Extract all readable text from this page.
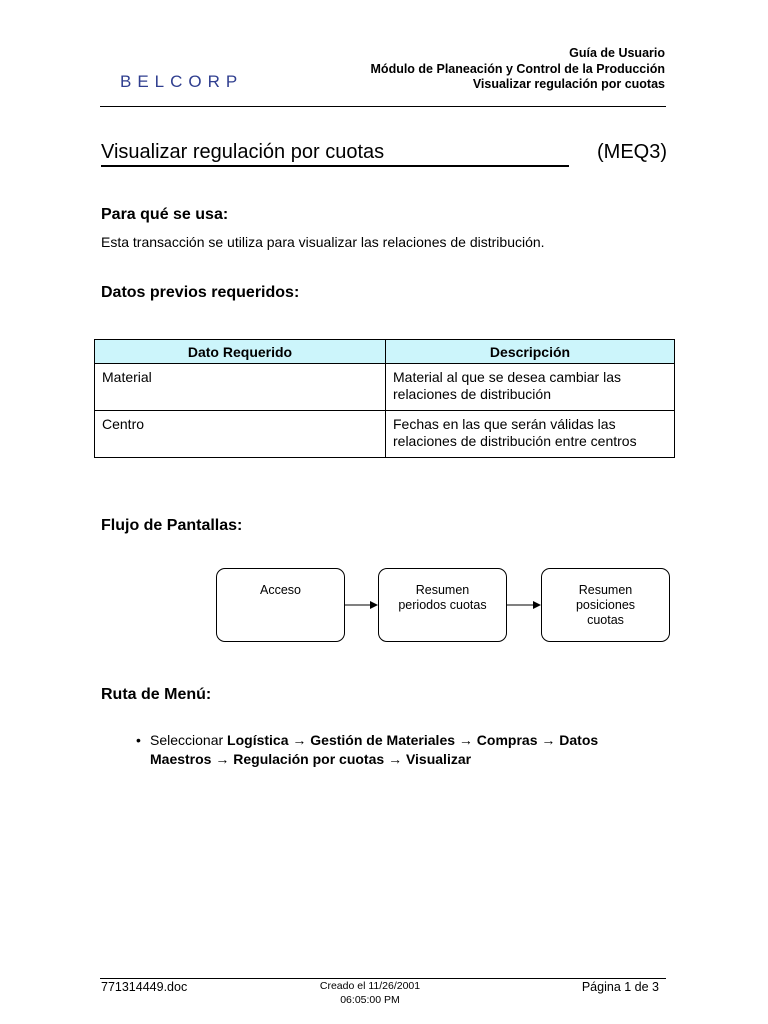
BELCORP
Guía de Usuario
Módulo de Planeación y Control de la Producción
Visualizar regulación por cuotas
Visualizar regulación por cuotas	(MEQ3)
Para qué se usa:
Esta transacción se utiliza para visualizar las relaciones de distribución.
Datos previos requeridos:
Dato Requerido	Descripción
Material	Material al que se desea cambiar las
relaciones de distribución

Centro	Fechas en las que serán válidas las
relaciones de distribución entre centros
Flujo de Pantallas:
Acceso	Resumen
periodos cuotas
Resumen
posiciones
cuotas
Ruta de Menú:
• Seleccionar Logística → Gestión de Materiales → Compras → Datos Maestros → Regulación por cuotas → Visualizar
771314449.doc	Creado el 11/26/2001
06:05:00 PM
Página 1 de 3
